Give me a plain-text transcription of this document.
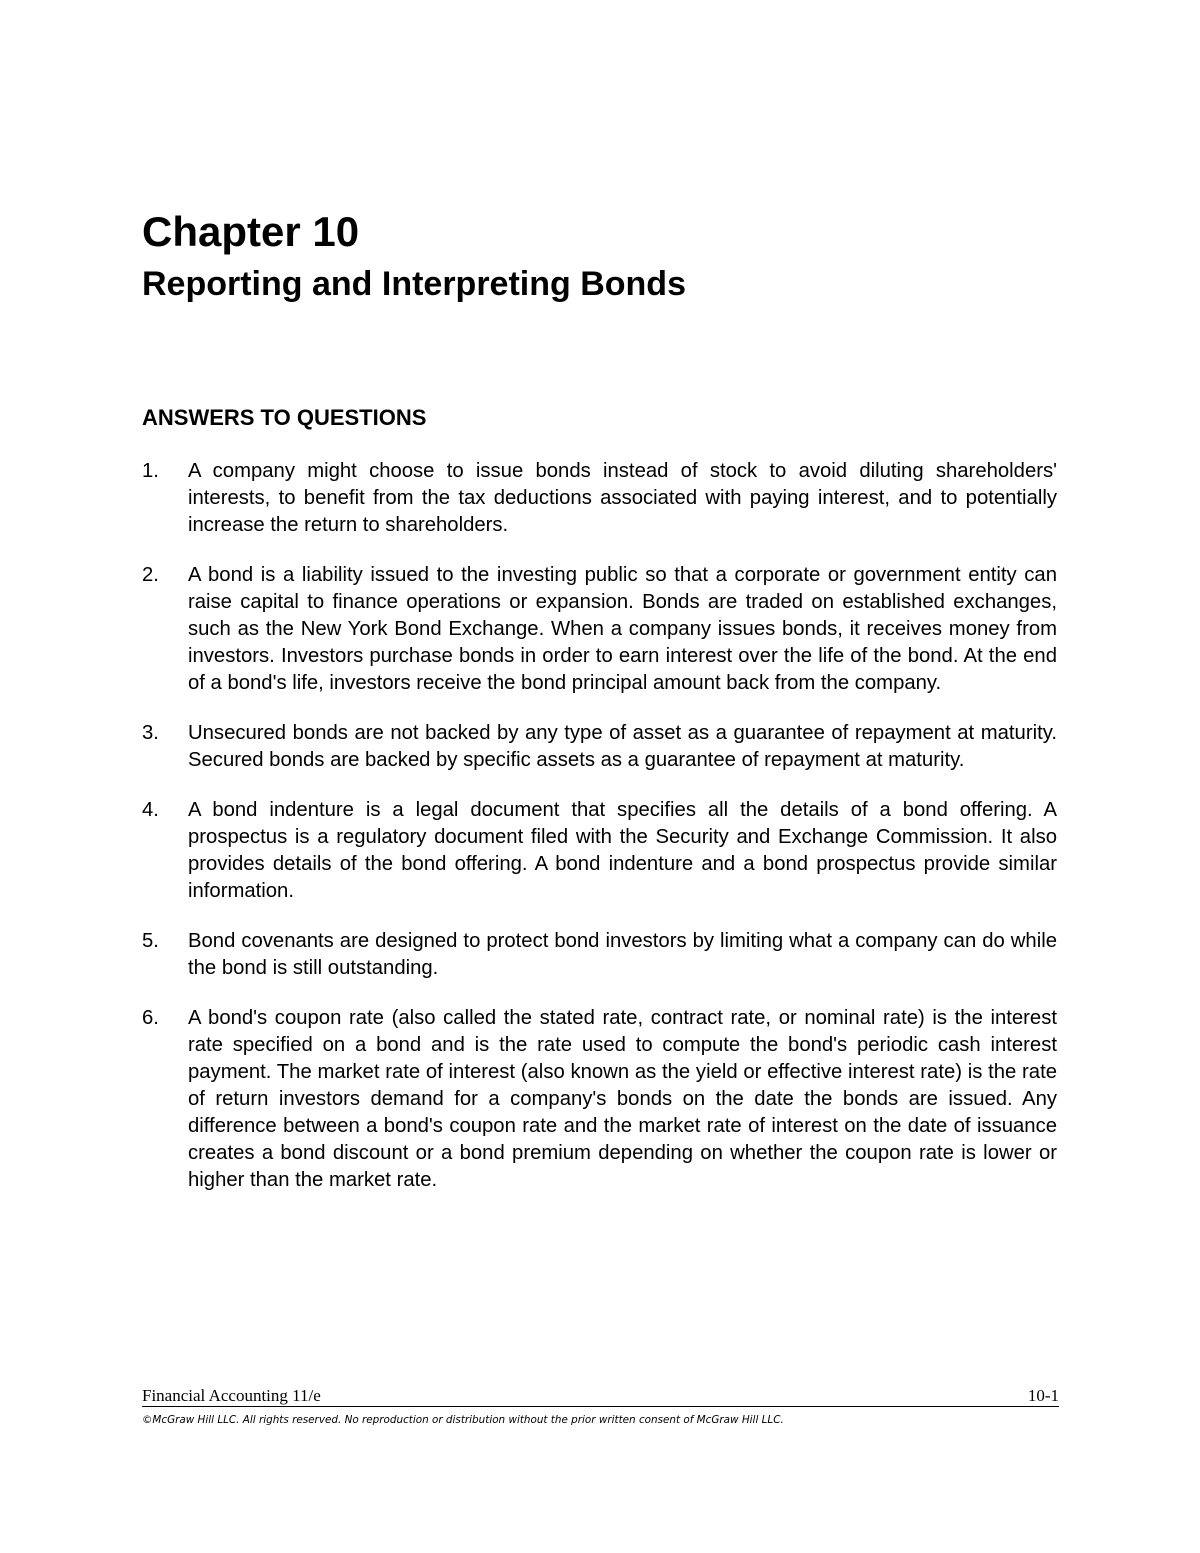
Chapter 10
Reporting and Interpreting Bonds
ANSWERS TO QUESTIONS
1.	A company might choose to issue bonds instead of stock to avoid diluting shareholders' interests, to benefit from the tax deductions associated with paying interest, and to potentially increase the return to shareholders.
2.	A bond is a liability issued to the investing public so that a corporate or government entity can raise capital to finance operations or expansion. Bonds are traded on established exchanges, such as the New York Bond Exchange. When a company issues bonds, it receives money from investors. Investors purchase bonds in order to earn interest over the life of the bond. At the end of a bond's life, investors receive the bond principal amount back from the company.
3.	Unsecured bonds are not backed by any type of asset as a guarantee of repayment at maturity. Secured bonds are backed by specific assets as a guarantee of repayment at maturity.
4.	A bond indenture is a legal document that specifies all the details of a bond offering. A prospectus is a regulatory document filed with the Security and Exchange Commission. It also provides details of the bond offering. A bond indenture and a bond prospectus provide similar information.
5.	Bond covenants are designed to protect bond investors by limiting what a company can do while the bond is still outstanding.
6.	A bond's coupon rate (also called the stated rate, contract rate, or nominal rate) is the interest rate specified on a bond and is the rate used to compute the bond's periodic cash interest payment. The market rate of interest (also known as the yield or effective interest rate) is the rate of return investors demand for a company's bonds on the date the bonds are issued. Any difference between a bond's coupon rate and the market rate of interest on the date of issuance creates a bond discount or a bond premium depending on whether the coupon rate is lower or higher than the market rate.
Financial Accounting 11/e	10-1
©McGraw Hill LLC. All rights reserved. No reproduction or distribution without the prior written consent of McGraw Hill LLC.
